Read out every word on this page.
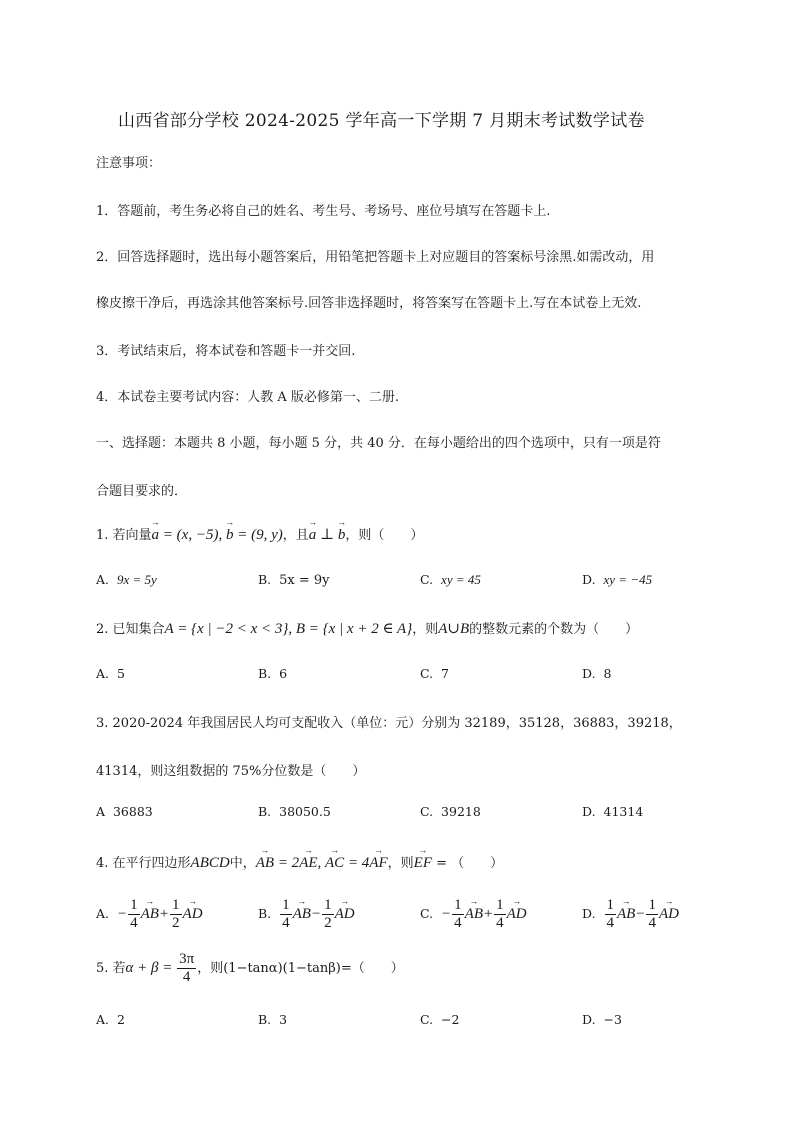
山西省部分学校 2024-2025 学年高一下学期 7 月期末考试数学试卷
注意事项：
1．答题前，考生务必将自己的姓名、考生号、考场号、座位号填写在答题卡上.
2．回答选择题时，选出每小题答案后，用铅笔把答题卡上对应题目的答案标号涂黑.如需改动，用
橡皮擦干净后，再选涂其他答案标号.回答非选择题时，将答案写在答题卡上.写在本试卷上无效.
3．考试结束后，将本试卷和答题卡一并交回.
4．本试卷主要考试内容：人教 A 版必修第一、二册.
一、选择题：本题共 8 小题，每小题 5 分，共 40 分．在每小题给出的四个选项中，只有一项是符
合题目要求的．
1. 若向量→ a = (x, −5), → b = (9, y)，且→ a ⊥ → b，则（　　）
A. 9x = 5y	B. 5x = 9y	C. xy = 45	D. xy = −45
2. 已知集合A = {x | −2 < x < 3}, B = {x | x + 2 ∈ A}，则A∪B的整数元素的个数为（　　）
A. 5	B. 6	C. 7	D. 8
3. 2020-2024 年我国居民人均可支配收入（单位：元）分别为 32189，35128，36883，39218，
41314，则这组数据的 75%分位数是（　　）
A 36883	B. 38050.5	C. 39218	D. 41314
4. 在平行四边形ABCD中，→ AB = 2→ AE, → AC = 4→ AF，则→ EF = （　　）
A. − $\frac{1}{4}$
→ $AB+ \frac{1}{2}$
→ AD	B. $\frac{1}{4}$
→ $AB- \frac{1}{2}$
→ AD	C. − $\frac{1}{4}$
→ $AB+ \frac{1}{4}$
→ AD	D. $\frac{1}{4}$
→ $AB- \frac{1}{4}$
→ AD
5. 若$\alpha + \beta = \frac{3\pi}{4}$ ，则(1−tanα)(1−tanβ)=（　　）
A. 2	B. 3	C. −2	D. −3
